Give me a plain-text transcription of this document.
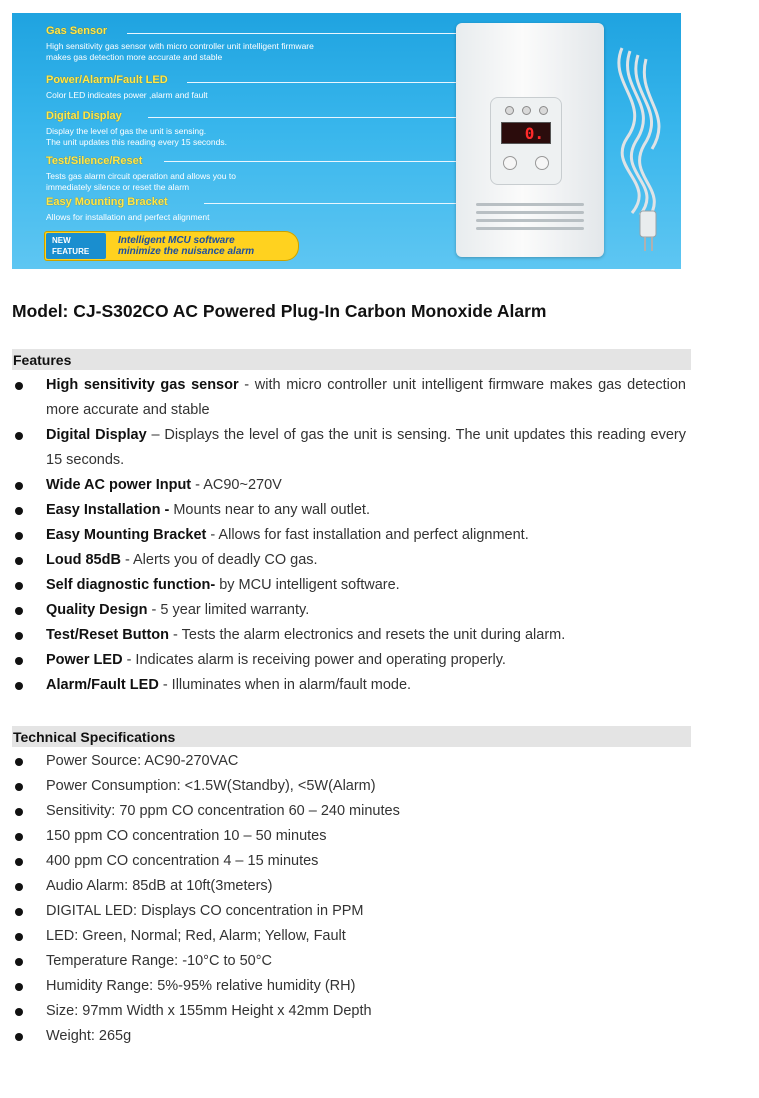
Gas Sensor
High sensitivity gas sensor with micro controller unit intelligent firmware
makes gas detection more accurate and stable
Power/Alarm/Fault LED
Color LED indicates power ,alarm and fault
Digital Display
Display the level of gas the unit is sensing.
The unit updates this reading every 15 seconds.
Test/Silence/Reset
Tests gas alarm circuit operation and allows you to
immediately silence or reset the alarm
Easy Mounting Bracket
Allows for installation and perfect alignment
NEW
FEATURE
Intelligent MCU software
minimize the nuisance alarm
0.
Model: CJ-S302CO AC Powered Plug-In Carbon Monoxide Alarm
Features
High sensitivity gas sensor - with micro controller unit intelligent firmware makes gas detection more accurate and stable
Digital Display – Displays the level of gas the unit is sensing. The unit updates this reading every 15 seconds.
Wide AC power Input - AC90~270V
Easy Installation - Mounts near to any wall outlet.
Easy Mounting Bracket - Allows for fast installation and perfect alignment.
Loud 85dB - Alerts you of deadly CO gas.
Self diagnostic function- by MCU intelligent software.
Quality Design - 5 year limited warranty.
Test/Reset Button - Tests the alarm electronics and resets the unit during alarm.
Power LED - Indicates alarm is receiving power and operating properly.
Alarm/Fault LED - Illuminates when in alarm/fault mode.
Technical Specifications
Power Source: AC90-270VAC
Power Consumption: <1.5W(Standby), <5W(Alarm)
Sensitivity: 70 ppm CO concentration 60 – 240 minutes
150 ppm CO concentration 10 – 50 minutes
400 ppm CO concentration 4 – 15 minutes
Audio Alarm: 85dB at 10ft(3meters)
DIGITAL LED: Displays CO concentration in PPM
LED: Green, Normal; Red, Alarm; Yellow, Fault
Temperature Range: -10°C to 50°C
Humidity Range: 5%-95% relative humidity (RH)
Size: 97mm Width x 155mm Height x 42mm Depth
Weight: 265g
